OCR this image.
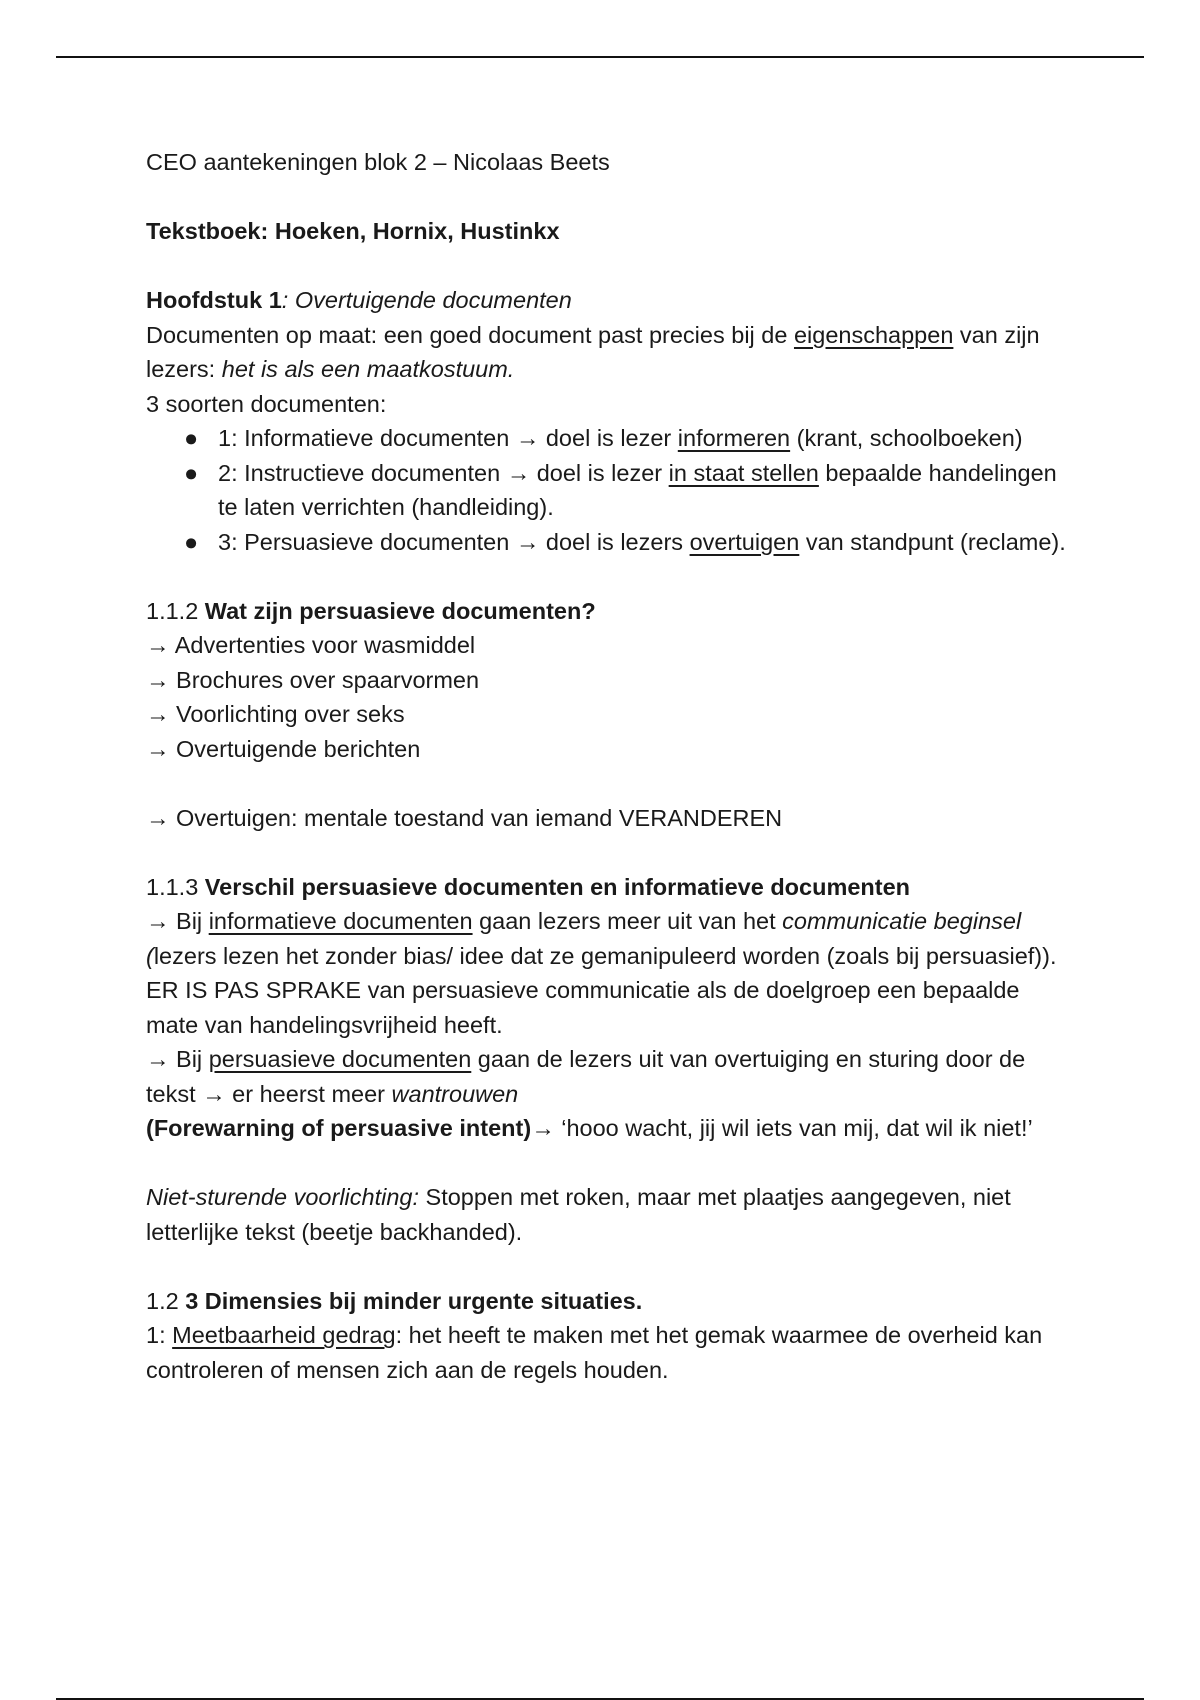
CEO aantekeningen blok 2 – Nicolaas Beets

Tekstboek: Hoeken, Hornix, Hustinkx

Hoofdstuk 1: Overtuigende documenten

Documenten op maat: een goed document past precies bij de eigenschappen van zijn lezers: het is als een maatkostuum.

3 soorten documenten:

● 1: Informatieve documenten → doel is lezer informeren (krant, schoolboeken)
● 2: Instructieve documenten → doel is lezer in staat stellen bepaalde handelingen te laten verrichten (handleiding).
● 3: Persuasieve documenten → doel is lezers overtuigen van standpunt (reclame).

1.1.2 Wat zijn persuasieve documenten?

→ Advertenties voor wasmiddel

→ Brochures over spaarvormen

→ Voorlichting over seks

→ Overtuigende berichten

→ Overtuigen: mentale toestand van iemand VERANDEREN

1.1.3 Verschil persuasieve documenten en informatieve documenten

→ Bij informatieve documenten gaan lezers meer uit van het communicatie beginsel (lezers lezen het zonder bias/ idee dat ze gemanipuleerd worden (zoals bij persuasief)).

ER IS PAS SPRAKE van persuasieve communicatie als de doelgroep een bepaalde mate van handelingsvrijheid heeft.

→ Bij persuasieve documenten gaan de lezers uit van overtuiging en sturing door de tekst → er heerst meer wantrouwen

(Forewarning of persuasive intent)→ ‘hooo wacht, jij wil iets van mij, dat wil ik niet!’

Niet-sturende voorlichting: Stoppen met roken, maar met plaatjes aangegeven, niet letterlijke tekst (beetje backhanded).

1.2 3 Dimensies bij minder urgente situaties.

1: Meetbaarheid gedrag: het heeft te maken met het gemak waarmee de overheid kan controleren of mensen zich aan de regels houden.
